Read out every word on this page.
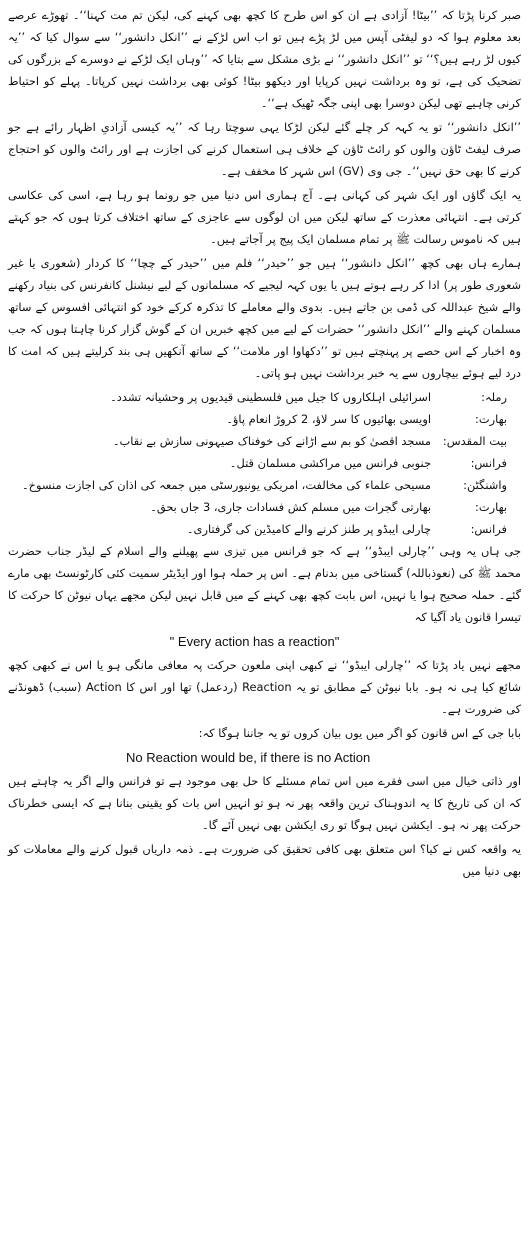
صبر کرنا پڑتا کہ ’’بیٹا! آزادی ہے ان کو اس طرح کا کچھ بھی کہنے کی، لیکن تم مت کہنا‘‘۔ تھوڑے عرصے بعد معلوم ہوا کہ دو لیفٹی آپس میں لڑ پڑے ہیں تو اب اس لڑکے نے ’’انکل دانشور‘‘ سے سوال کیا کہ ’’یہ کیوں لڑ رہے ہیں؟‘‘ تو ’’انکل دانشور‘‘ نے بڑی مشکل سے بتایا کہ ’’وہاں ایک لڑکے نے دوسرے کے بزرگوں کی تضحیک کی ہے، تو وہ برداشت نہیں کرپایا اور دیکھو بیٹا! کوئی بھی برداشت نہیں کرپاتا۔ پہلے کو احتیاط کرنی چاہیے تھی لیکن دوسرا بھی اپنی جگہ ٹھیک ہے‘‘۔

’’انکل دانشور‘‘ تو یہ کہہ کر چلے گئے لیکن لڑکا یہی سوچتا رہا کہ ’’یہ کیسی آزادیِ اظہار رائے ہے جو صرف لیفٹ ٹاؤن والوں کو رائٹ ٹاؤن کے خلاف ہی استعمال کرنے کی اجازت ہے اور رائٹ والوں کو احتجاج کرنے کا بھی حق نہیں‘‘۔ جی وی (GV) اس شہر کا مخفف ہے۔

یہ ایک گاؤں اور ایک شہر کی کہانی ہے۔ آج ہماری اس دنیا میں جو رونما ہو رہا ہے، اسی کی عکاسی کرتی ہے۔ انتہائی معذرت کے ساتھ لیکن میں ان لوگوں سے عاجزی کے ساتھ اختلاف کرتا ہوں کہ جو کہتے ہیں کہ ناموس رسالت ﷺ پر تمام مسلمان ایک پیج پر آجاتے ہیں۔

ہمارے ہاں بھی کچھ ’’انکل دانشور‘‘ ہیں جو ’’حیدر‘‘ فلم میں ’’حیدر کے چچا‘‘ کا کردار (شعوری یا غیر شعوری طور پر) ادا کر رہے ہوتے ہیں یا یوں کہہ لیجیے کہ مسلمانوں کے لیے نیشنل کانفرنس کی بنیاد رکھنے والے شیخ عبداللہ کی ڈمی بن جاتے ہیں۔ بدوی والے معاملے کا تذکرہ کرکے خود کو انتہائی افسوس کے ساتھ مسلمان کہنے والے ’’انکل دانشور‘‘ حضرات کے لیے میں کچھ خبریں ان کے گوش گزار کرنا چاہتا ہوں کہ جب وہ اخبار کے اس حصے پر پہنچتے ہیں تو ’’دکھاوا اور ملامت‘‘ کے ساتھ آنکھیں ہی بند کرلیتے ہیں کہ امت کا درد لیے ہوئے بیچاروں سے یہ خبر برداشت نہیں ہو پاتی۔

رملہ:
اسرائیلی اہلکاروں کا جیل میں فلسطینی قیدیوں پر وحشیانہ تشدد۔
بھارت:
اویسی بھائیوں کا سر لاؤ، 2 کروڑ انعام پاؤ۔
بیت المقدس:
مسجد اقصیٰ کو بم سے اڑانے کی خوفناک صیہونی سازش بے نقاب۔
فرانس:
جنوبی فرانس میں مراکشی مسلمان قتل۔
واشنگٹن:
مسیحی علماء کی مخالفت، امریکی یونیورسٹی میں جمعہ کی اذان کی اجازت منسوخ۔
بھارت:
بھارتی گجرات میں مسلم کش فسادات جاری، 3 جاں بحق۔
فرانس:
چارلی ایبڈو پر طنز کرنے والے کامیڈین کی گرفتاری۔

جی ہاں یہ وہی ’’چارلی ایبڈو‘‘ ہے کہ جو فرانس میں تیزی سے پھیلنے والے اسلام کے لیڈر جناب حضرت محمد ﷺ کی (نعوذباللہ) گستاخی میں بدنام ہے۔ اس پر حملہ ہوا اور ایڈیٹر سمیت کئی کارٹونسٹ بھی مارے گئے۔ حملہ صحیح ہوا یا نہیں، اس بابت کچھ بھی کہنے کے میں قابل نہیں لیکن مجھے یہاں نیوٹن کا حرکت کا تیسرا قانون یاد آگیا کہ

" Every action has a reaction"

مجھے نہیں یاد پڑتا کہ ’’چارلی ایبڈو‘‘ نے کبھی اپنی ملعون حرکت پہ معافی مانگی ہو یا اس نے کبھی کچھ شائع کیا ہی نہ ہو۔ بابا نیوٹن کے مطابق تو یہ Reaction (ردعمل) تھا اور اس کا Action (سبب) ڈھونڈنے کی ضرورت ہے۔

بابا جی کے اس قانون کو اگر میں یوں بیان کروں تو یہ جاننا ہوگا کہ:

No Reaction would be, if there is no Action

اور ذاتی خیال میں اسی فقرے میں اس تمام مسئلے کا حل بھی موجود ہے تو فرانس والے اگر یہ چاہتے ہیں کہ ان کی تاریخ کا یہ اندوہناک ترین واقعہ پھر نہ ہو تو انہیں اس بات کو یقینی بنانا ہے کہ ایسی خطرناک حرکت پھر نہ ہو۔ ایکشن نہیں ہوگا تو ری ایکشن بھی نہیں آئے گا۔

یہ واقعہ کس نے کیا؟ اس متعلق بھی کافی تحقیق کی ضرورت ہے۔ ذمہ داریاں قبول کرنے والے معاملات کو بھی دنیا میں
